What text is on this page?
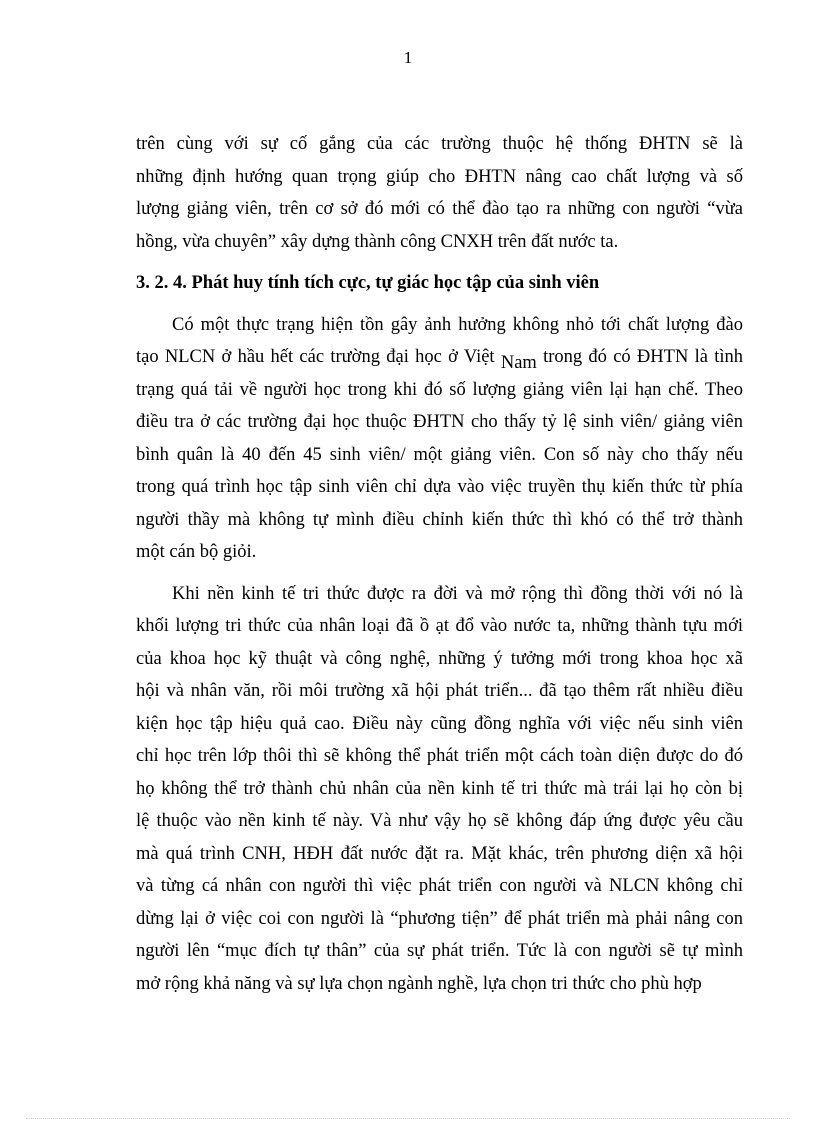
1
trên cùng với sự cố gắng của các trường thuộc hệ thống ĐHTN sẽ là
những định hướng quan trọng giúp cho ĐHTN nâng cao chất lượng và số
lượng giảng viên, trên cơ sở đó mới có thể đào tạo ra những con người “vừa
hồng, vừa chuyên” xây dựng thành công CNXH trên đất nước ta.
3. 2. 4. Phát huy tính tích cực, tự giác học tập của sinh viên
Có một thực trạng hiện tồn gây ảnh hưởng không nhỏ tới chất lượng đào
tạo NLCN ở hầu hết các trường đại học ở Việt Nam trong đó có ĐHTN là tình
trạng quá tải về người học trong khi đó số lượng giảng viên lại hạn chế. Theo
điều tra ở các trường đại học thuộc ĐHTN cho thấy tỷ lệ sinh viên/ giảng viên
bình quân là 40 đến 45 sinh viên/ một giảng viên. Con số này cho thấy nếu
trong quá trình học tập sinh viên chỉ dựa vào việc truyền thụ kiến thức từ phía
người thầy mà không tự mình điều chỉnh kiến thức thì khó có thể trở thành
một cán bộ giỏi.
Khi nền kinh tế tri thức được ra đời và mở rộng thì đồng thời với nó là
khối lượng tri thức của nhân loại đã ồ ạt đổ vào nước ta, những thành tựu mới
của khoa học kỹ thuật và công nghệ, những ý tưởng mới trong khoa học xã
hội và nhân văn, rồi môi trường xã hội phát triển... đã tạo thêm rất nhiều điều
kiện học tập hiệu quả cao. Điều này cũng đồng nghĩa với việc nếu sinh viên
chỉ học trên lớp thôi thì sẽ không thể phát triển một cách toàn diện được do đó
họ không thể trở thành chủ nhân của nền kinh tế tri thức mà trái lại họ còn bị
lệ thuộc vào nền kinh tế này. Và như vậy họ sẽ không đáp ứng được yêu cầu
mà quá trình CNH, HĐH đất nước đặt ra. Mặt khác, trên phương diện xã hội
và từng cá nhân con người thì việc phát triển con người và NLCN không chỉ
dừng lại ở việc coi con người là “phương tiện” để phát triển mà phải nâng con
người lên “mục đích tự thân” của sự phát triển. Tức là con người sẽ tự mình
mở rộng khả năng và sự lựa chọn ngành nghề, lựa chọn tri thức cho phù hợp
